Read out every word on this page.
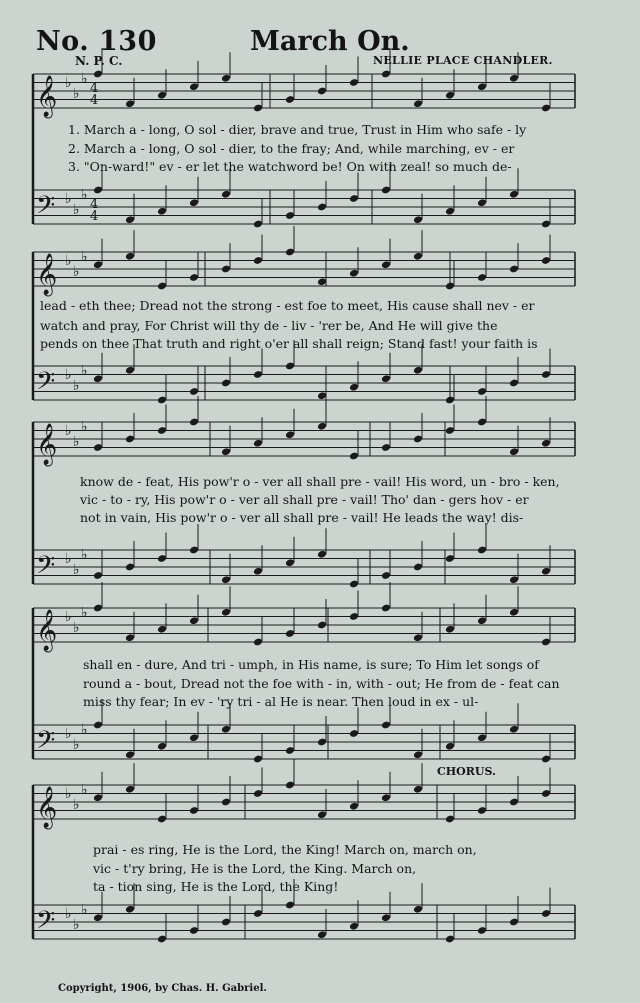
No. 130	March On.
N. P. C.	NELLIE PLACE CHANDLER.
𝄞 ♭
♭
♭
𝄢 ♭
♭
♭
𝄞 ♭
♭
♭
𝄢 ♭
♭
♭
𝄞 ♭
♭
♭
𝄢 ♭
♭
♭
𝄞 ♭
♭
♭
𝄢 ♭
♭
♭
𝄞 ♭
♭
♭
𝄢 ♭
♭
♭
4
4
4
4
1. March a - long, O sol - dier, brave and true, Trust in Him who safe - ly
2. March a - long, O sol - dier, to the fray; And, while marching, ev - er
3. "On-ward!" ev - er let the watchword be! On with zeal! so much de-
lead - eth thee; Dread not the strong - est foe to meet, His cause shall nev - er
watch and pray, For Christ will thy de - liv - 'rer be, And He will give the
pends on thee That truth and right o'er all shall reign; Stand fast! your faith is
know de - feat, His pow'r o - ver all shall pre - vail! His word, un - bro - ken,
vic - to - ry, His pow'r o - ver all shall pre - vail! Tho' dan - gers hov - er
not in vain, His pow'r o - ver all shall pre - vail! He leads the way! dis-
shall en - dure, And tri - umph, in His name, is sure; To Him let songs of
round a - bout, Dread not the foe with - in, with - out; He from de - feat can
miss thy fear; In ev - 'ry tri - al He is near. Then loud in ex - ul-
CHORUS.
prai - es ring, He is the Lord, the King! March on, march on,
vic - t'ry bring, He is the Lord, the King. March on,
ta - tion sing, He is the Lord, the King!
Copyright, 1906, by Chas. H. Gabriel.
